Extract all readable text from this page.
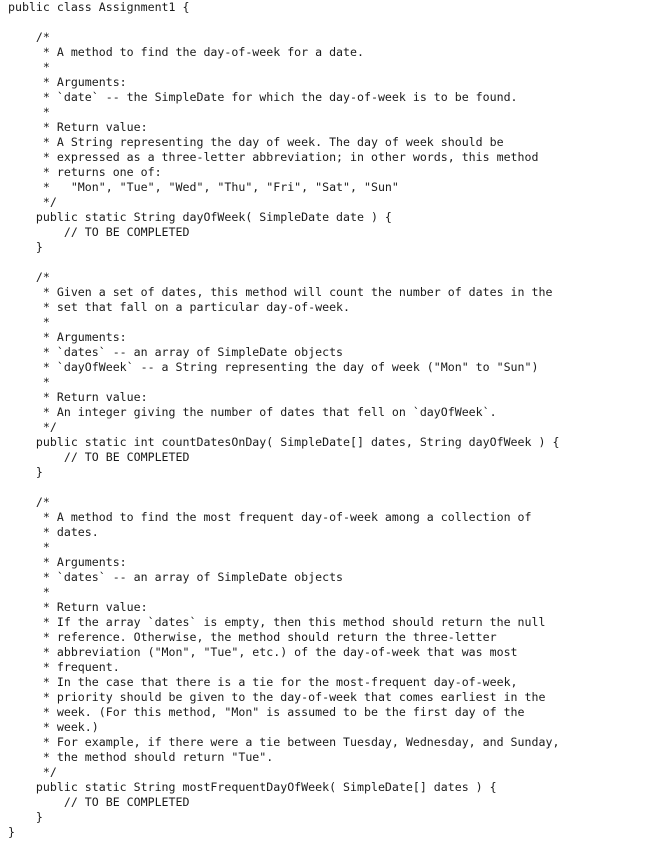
public class Assignment1 {
/*
* A method to find the day-of-week for a date.
*
* Arguments:
* `date` -- the SimpleDate for which the day-of-week is to be found.
*
* Return value:
* A String representing the day of week. The day of week should be
* expressed as a three-letter abbreviation; in other words, this method
* returns one of:
*   "Mon", "Tue", "Wed", "Thu", "Fri", "Sat", "Sun"
*/
public static String dayOfWeek( SimpleDate date ) {
// TO BE COMPLETED
}
/*
* Given a set of dates, this method will count the number of dates in the
* set that fall on a particular day-of-week.
*
* Arguments:
* `dates` -- an array of SimpleDate objects
* `dayOfWeek` -- a String representing the day of week ("Mon" to "Sun")
*
* Return value:
* An integer giving the number of dates that fell on `dayOfWeek`.
*/
public static int countDatesOnDay( SimpleDate[] dates, String dayOfWeek ) {
// TO BE COMPLETED
}
/*
* A method to find the most frequent day-of-week among a collection of
* dates.
*
* Arguments:
* `dates` -- an array of SimpleDate objects
*
* Return value:
* If the array `dates` is empty, then this method should return the null
* reference. Otherwise, the method should return the three-letter
* abbreviation ("Mon", "Tue", etc.) of the day-of-week that was most
* frequent.
* In the case that there is a tie for the most-frequent day-of-week,
* priority should be given to the day-of-week that comes earliest in the
* week. (For this method, "Mon" is assumed to be the first day of the
* week.)
* For example, if there were a tie between Tuesday, Wednesday, and Sunday,
* the method should return "Tue".
*/
public static String mostFrequentDayOfWeek( SimpleDate[] dates ) {
// TO BE COMPLETED
}
}
